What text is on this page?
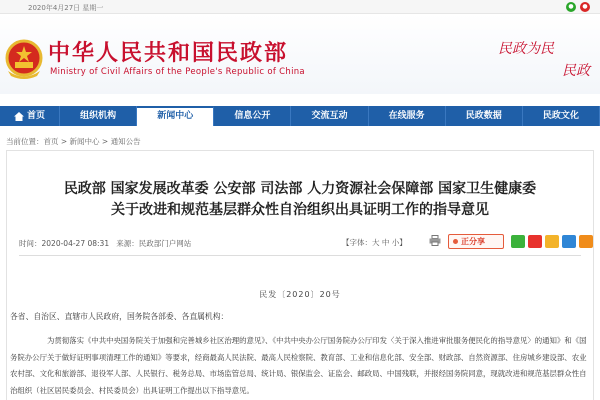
2020年4月27日 星期一	●	●
中华人民共和国民政部
Ministry of Civil Affairs of the People's Republic of China
民政为民
民政
首页	组织机构	新闻中心	信息公开	交流互动	在线服务	民政数据	民政文化
当前位置：首页 > 新闻中心 > 通知公告
民政部 国家发展改革委 公安部 司法部 人力资源社会保障部 国家卫生健康委
关于改进和规范基层群众性自治组织出具证明工作的指导意见
时间：2020-04-27 08:31 来源：民政部门户网站	【字体：大 中 小】	正分享
民发〔2020〕20号
各省、自治区、直辖市人民政府，国务院各部委、各直属机构：
为贯彻落实《中共中央国务院关于加强和完善城乡社区治理的意见》、《中共中央办公厅国务院办公厅印发〈关于深入推进审批服务便民化的指导意见〉的通知》和《国务院办公厅关于做好证明事项清理工作的通知》等要求，经商最高人民法院、最高人民检察院、教育部、工业和信息化部、安全部、财政部、自然资源部、住房城乡建设部、农业农村部、文化和旅游部、退役军人部、人民银行、税务总局、市场监管总局、统计局、银保监会、证监会、邮政局、中国残联，并报经国务院同意，现就改进和规范基层群众性自治组织（社区居民委员会、村民委员会）出具证明工作提出以下指导意见。
